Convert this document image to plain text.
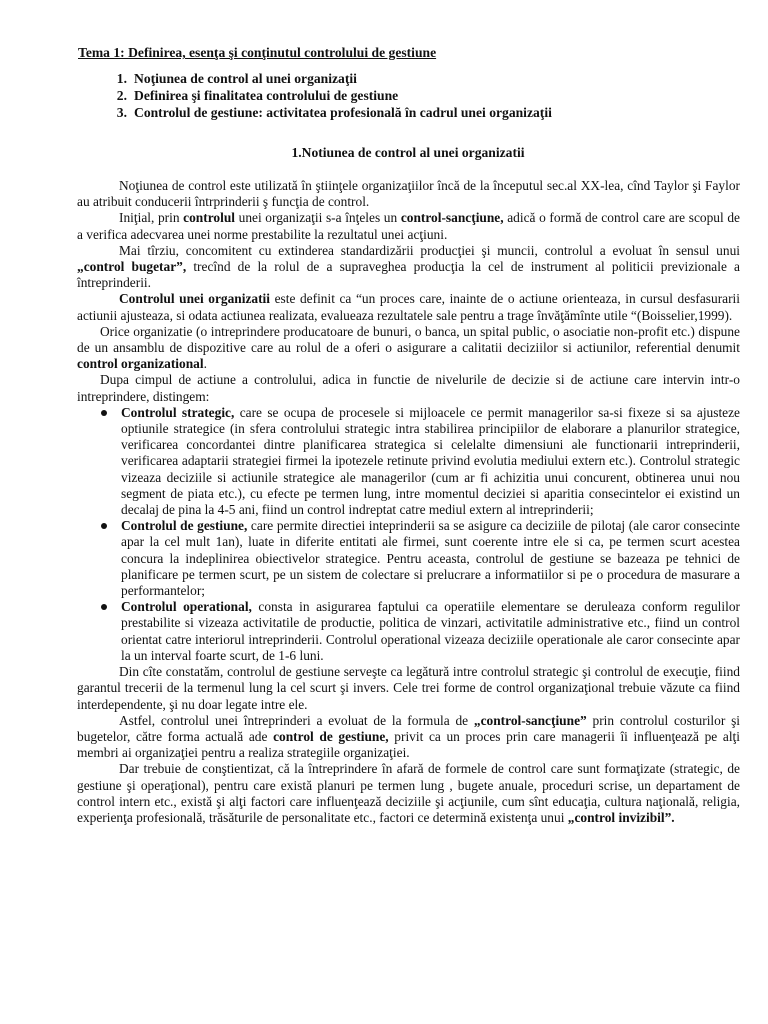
Tema 1: Definirea, esenţa şi conţinutul controlului de gestiune
1. Noţiunea de control al unei organizaţii
2. Definirea şi finalitatea controlului de gestiune
3. Controlul de gestiune: activitatea profesională în cadrul unei organizaţii
1.Notiunea de control al unei organizatii

Noţiunea de control este utilizată în ştiinţele organizaţiilor încă de la începutul sec.al XX-lea, cînd Taylor şi Faylor au atribuit conducerii întrprinderii ş funcţia de control.

Iniţial, prin controlul unei organizaţii s-a înţeles un control-sancţiune, adică o formă de control care are scopul de a verifica adecvarea unei norme prestabilite la rezultatul unei acţiuni.

Mai tîrziu, concomitent cu extinderea standardizării producţiei şi muncii, controlul a evoluat în sensul unui „control bugetar”, trecînd de la rolul de a supraveghea producţia la cel de instrument al politicii previzionale a întreprinderii.

Controlul unei organizatii este definit ca “un proces care, inainte de o actiune orienteaza, in cursul desfasurarii actiunii ajusteaza, si odata actiunea realizata, evalueaza rezultatele sale pentru a trage învăţămînte utile “(Boisselier,1999).

Orice organizatie (o intreprindere producatoare de bunuri, o banca, un spital public, o asociatie non-profit etc.) dispune de un ansamblu de dispozitive care au rolul de a oferi o asigurare a calitatii deciziilor si actiunilor, referential denumit control organizational.

Dupa cimpul de actiune a controlului, adica in functie de nivelurile de decizie si de actiune care intervin intr-o intreprindere, distingem:

Controlul strategic, care se ocupa de procesele si mijloacele ce permit managerilor sa-si fixeze si sa ajusteze optiunile strategice (in sfera controlului strategic intra stabilirea principiilor de elaborare a planurilor strategice, verificarea concordantei dintre planificarea strategica si celelalte dimensiuni ale functionarii intreprinderii, verificarea adaptarii strategiei firmei la ipotezele retinute privind evolutia mediului extern etc.). Controlul strategic vizeaza deciziile si actiunile strategice ale managerilor (cum ar fi achizitia unui concurent, obtinerea unui nou segment de piata etc.), cu efecte pe termen lung, intre momentul deciziei si aparitia consecintelor ei existind un decalaj de pina la 4-5 ani, fiind un control indreptat catre mediul extern al intreprinderii;
Controlul de gestiune, care permite directiei inteprinderii sa se asigure ca deciziile de pilotaj (ale caror consecinte apar la cel mult 1an), luate in diferite entitati ale firmei, sunt coerente intre ele si ca, pe termen scurt acestea concura la indeplinirea obiectivelor strategice. Pentru aceasta, controlul de gestiune se bazeaza pe tehnici de planificare pe termen scurt, pe un sistem de colectare si prelucrare a informatiilor si pe o procedura de masurare a performantelor;
Controlul operational, consta in asigurarea faptului ca operatiile elementare se deruleaza conform regulilor prestabilite si vizeaza activitatile de productie, politica de vinzari, activitatile administrative etc., fiind un control orientat catre interiorul intreprinderii. Controlul operational vizeaza deciziile operationale ale caror consecinte apar la un interval foarte scurt, de 1-6 luni.

Din cîte constatăm, controlul de gestiune serveşte ca legătură intre controlul strategic şi controlul de execuţie, fiind garantul trecerii de la termenul lung la cel scurt şi invers. Cele trei forme de control organizaţional trebuie văzute ca fiind interdependente, şi nu doar legate intre ele.

Astfel, controlul unei întreprinderi a evoluat de la formula de „control-sancţiune” prin controlul costurilor şi bugetelor, către forma actuală ade control de gestiune, privit ca un proces prin care managerii îi influenţează pe alţi membri ai organizaţiei pentru a realiza strategiile organizaţiei.

Dar trebuie de conştientizat, că la întreprindere în afară de formele de control care sunt formaţizate (strategic, de gestiune şi operaţional), pentru care există planuri pe termen lung , bugete anuale, proceduri scrise, un departament de control intern etc., există şi alţi factori care influenţează deciziile şi acţiunile, cum sînt educaţia, cultura naţională, religia, experienţa profesională, trăsăturile de personalitate etc., factori ce determină existenţa unui „control invizibil”.
